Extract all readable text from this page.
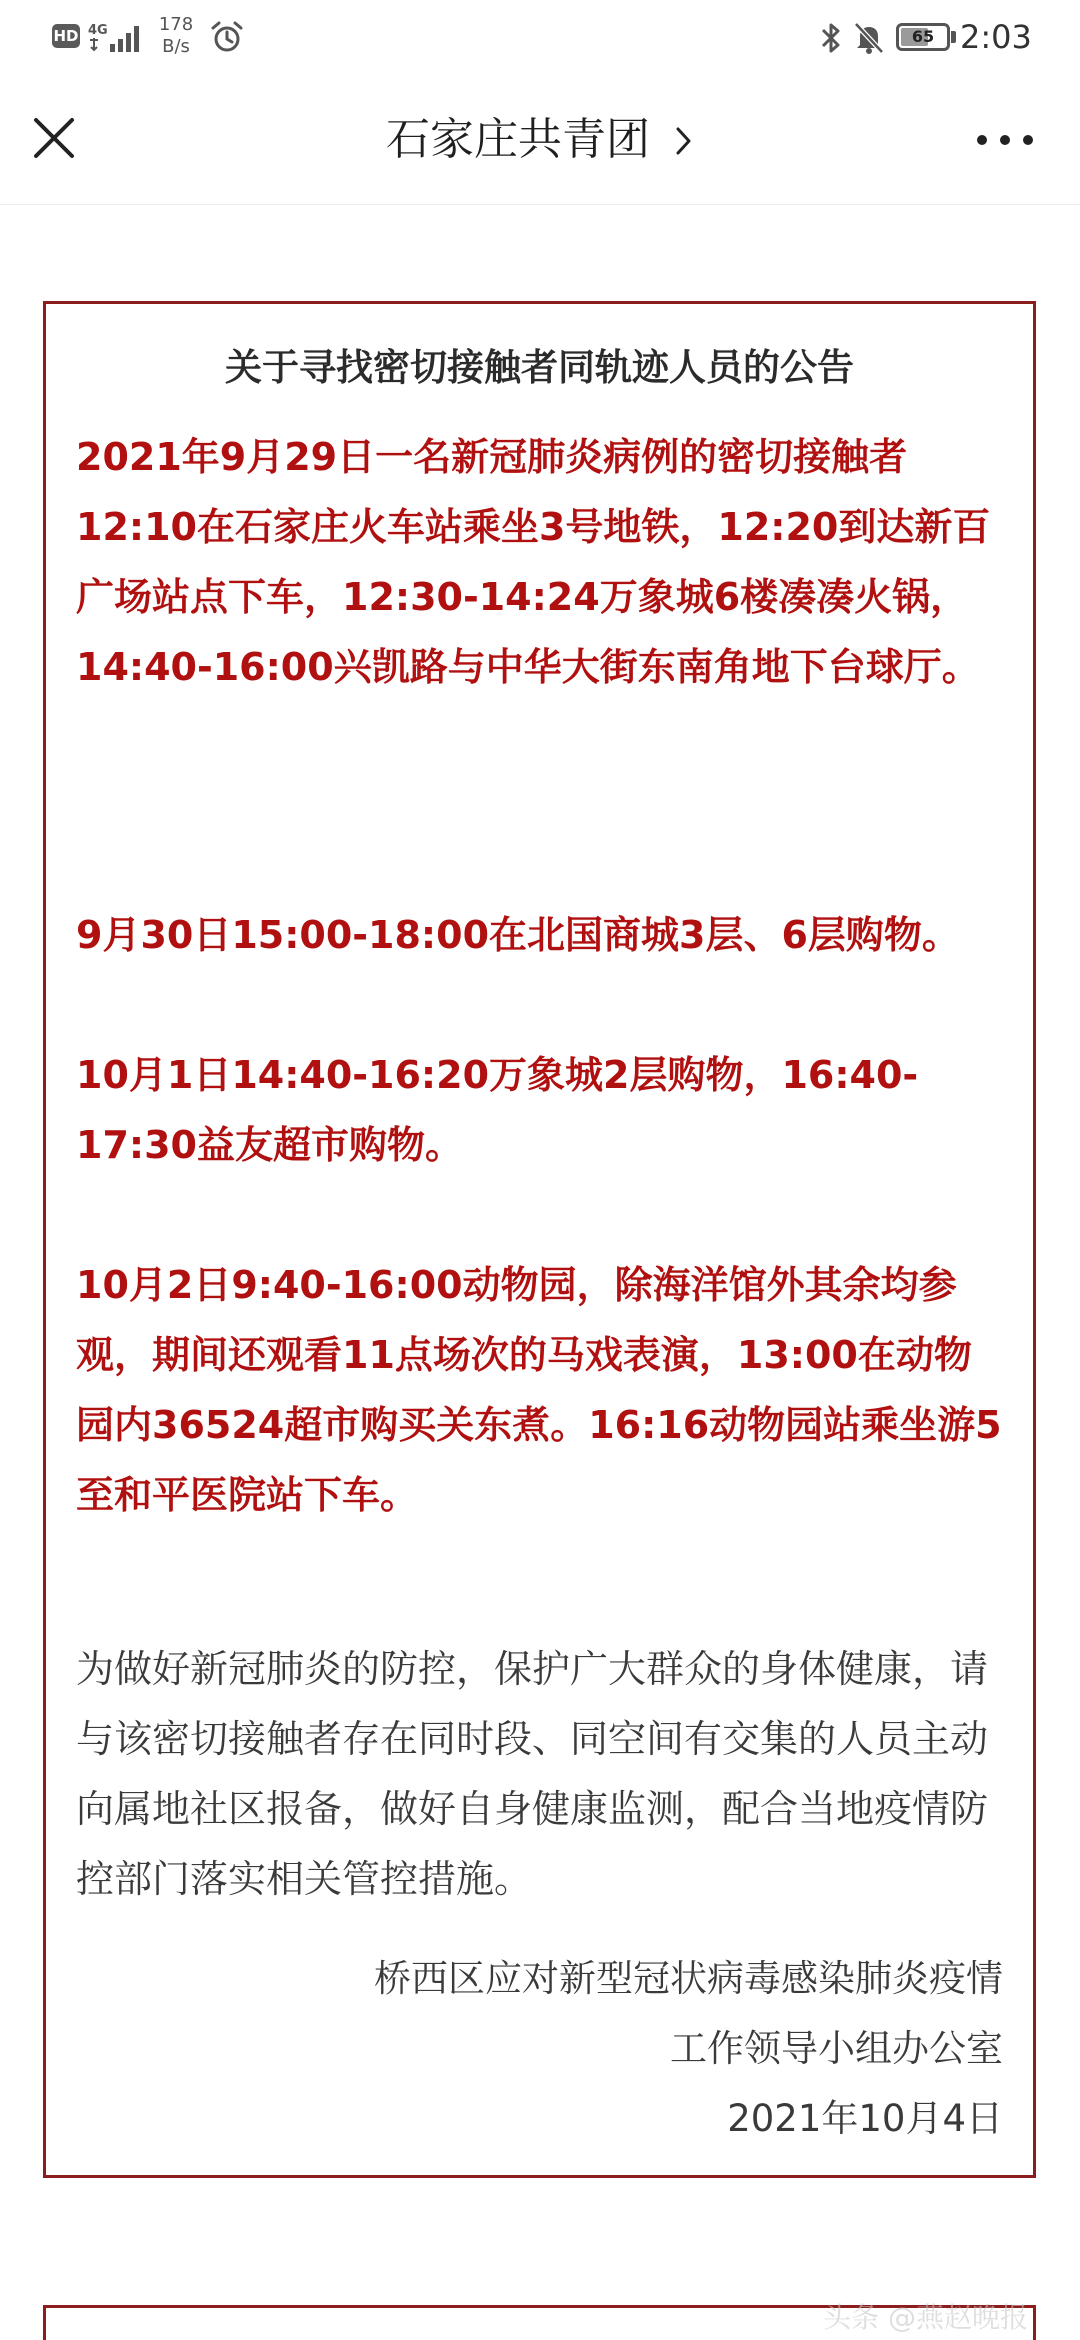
HD 4G	178
B/s	65 2:03
石家庄共青团
关于寻找密切接触者同轨迹人员的公告

2021年9月29日一名新冠肺炎病例的密切接触者12:10在石家庄火车站乘坐3号地铁，12:20到达新百广场站点下车，12:30-14:24万象城6楼凑凑火锅，14:40-16:00兴凯路与中华大街东南角地下台球厅。

9月30日15:00-18:00在北国商城3层、6层购物。

10月1日14:40-16:20万象城2层购物，16:40-17:30益友超市购物。

10月2日9:40-16:00动物园，除海洋馆外其余均参观，期间还观看11点场次的马戏表演，13:00在动物园内36524超市购买关东煮。16:16动物园站乘坐游5至和平医院站下车。

为做好新冠肺炎的防控，保护广大群众的身体健康，请与该密切接触者存在同时段、同空间有交集的人员主动向属地社区报备，做好自身健康监测，配合当地疫情防控部门落实相关管控措施。

桥西区应对新型冠状病毒感染肺炎疫情
工作领导小组办公室
2021年10月4日
头条 @燕赵晚报
